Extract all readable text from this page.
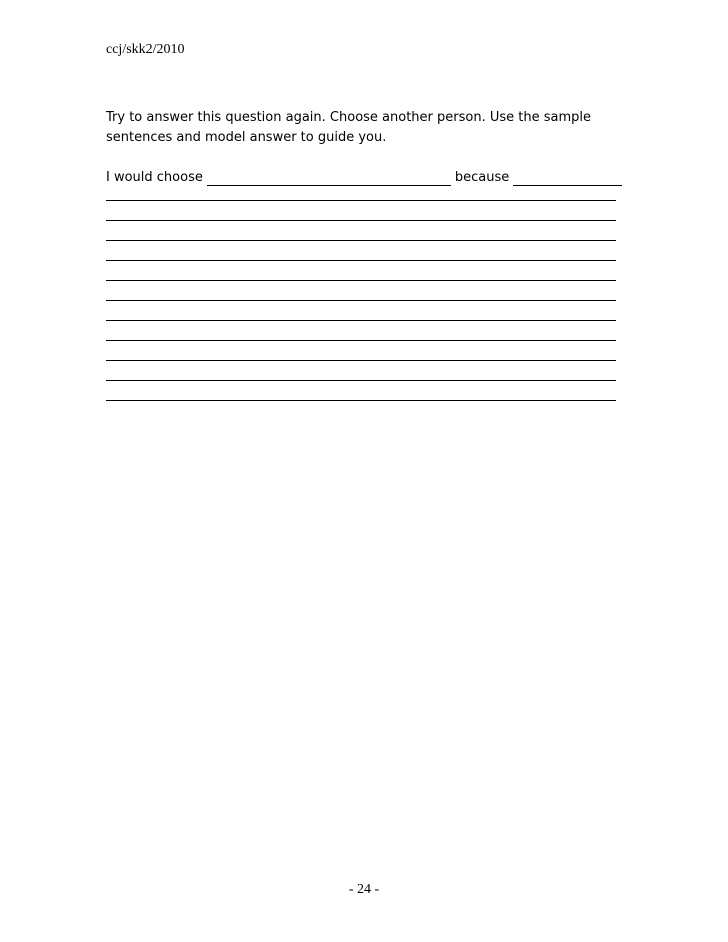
ccj/skk2/2010

Try to answer this question again. Choose another person. Use the sample sentences and model answer to guide you.

I would choose	because
- 24 -
